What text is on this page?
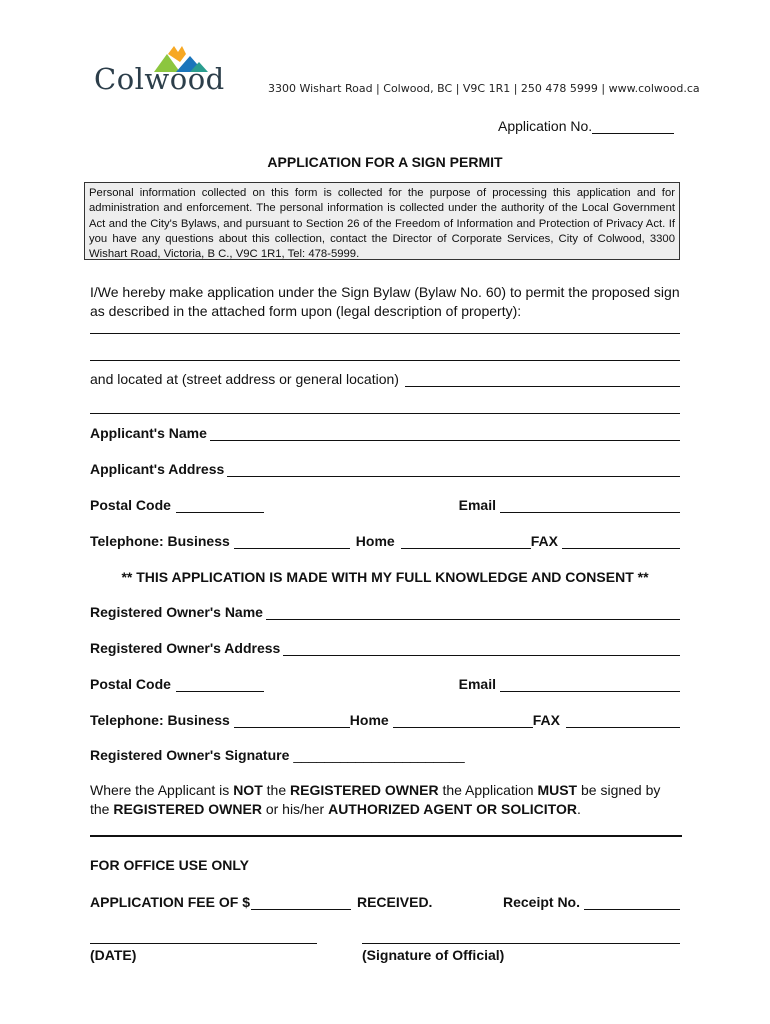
Colwood	3300 Wishart Road | Colwood, BC | V9C 1R1 | 250 478 5999 | www.colwood.ca
Application No.
APPLICATION FOR A SIGN PERMIT

Personal information collected on this form is collected for the purpose of processing this application and for administration and enforcement. The personal information is collected under the authority of the Local Government Act and the City's Bylaws, and pursuant to Section 26 of the Freedom of Information and Protection of Privacy Act. If you have any questions about this collection, contact the Director of Corporate Services, City of Colwood, 3300 Wishart Road, Victoria, B C., V9C 1R1, Tel: 478-5999.

I/We hereby make application under the Sign Bylaw (Bylaw No. 60) to permit the proposed sign as described in the attached form upon (legal description of property):
and located at (street address or general location)
Applicant's Name
Applicant's Address
Postal Code	Email
Telephone: Business	Home	FAX
** THIS APPLICATION IS MADE WITH MY FULL KNOWLEDGE AND CONSENT **
Registered Owner's Name
Registered Owner's Address
Postal Code	Email
Telephone: Business	Home	FAX
Registered Owner's Signature ______________________
Where the Applicant is NOT the REGISTERED OWNER the Application MUST be signed by the REGISTERED OWNER or his/her AUTHORIZED AGENT OR SOLICITOR.
FOR OFFICE USE ONLY
APPLICATION FEE OF $	RECEIVED.	Receipt No.
(DATE)	(Signature of Official)
